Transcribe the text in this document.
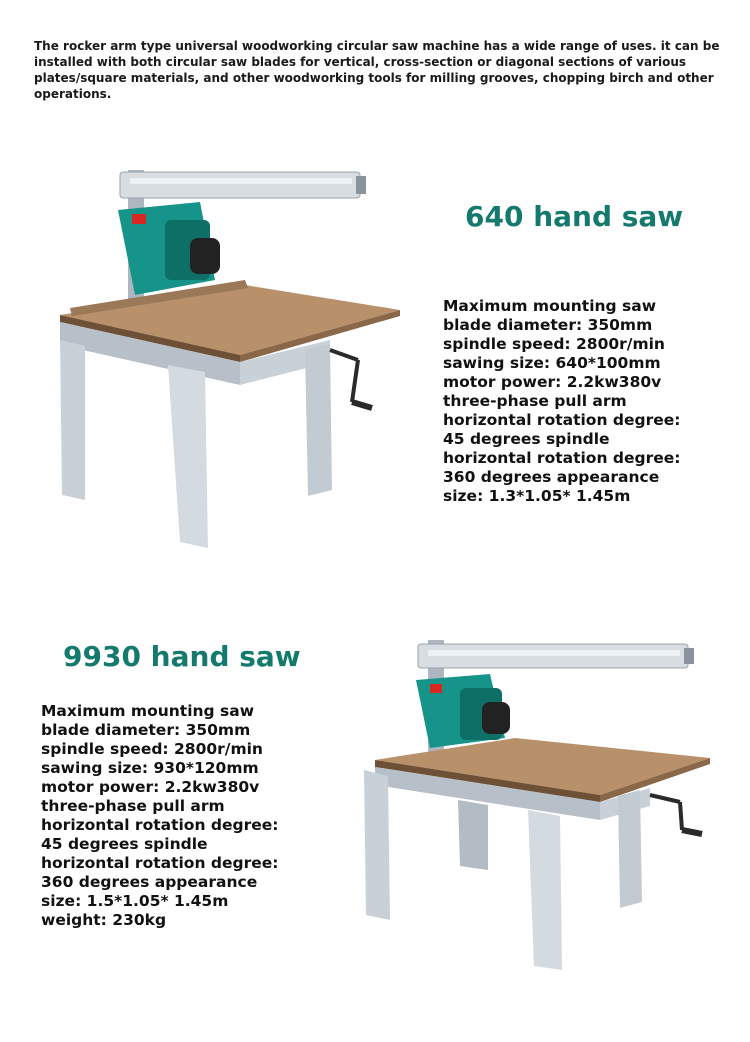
The rocker arm type universal woodworking circular saw machine has a wide range of uses. it can be installed with both circular saw blades for vertical, cross-section or diagonal sections of various plates/square materials, and other woodworking tools for milling grooves, chopping birch and other operations.
640 hand saw
Maximum mounting saw
blade diameter: 350mm
spindle speed: 2800r/min
sawing size: 640*100mm
motor power: 2.2kw380v
three-phase pull arm
horizontal rotation degree:
45 degrees spindle
horizontal rotation degree:
360 degrees appearance
size: 1.3*1.05* 1.45m
9930 hand saw
Maximum mounting saw
blade diameter: 350mm
spindle speed: 2800r/min
sawing size: 930*120mm
motor power: 2.2kw380v
three-phase pull arm
horizontal rotation degree:
45 degrees spindle
horizontal rotation degree:
360 degrees appearance
size: 1.5*1.05* 1.45m
weight: 230kg
